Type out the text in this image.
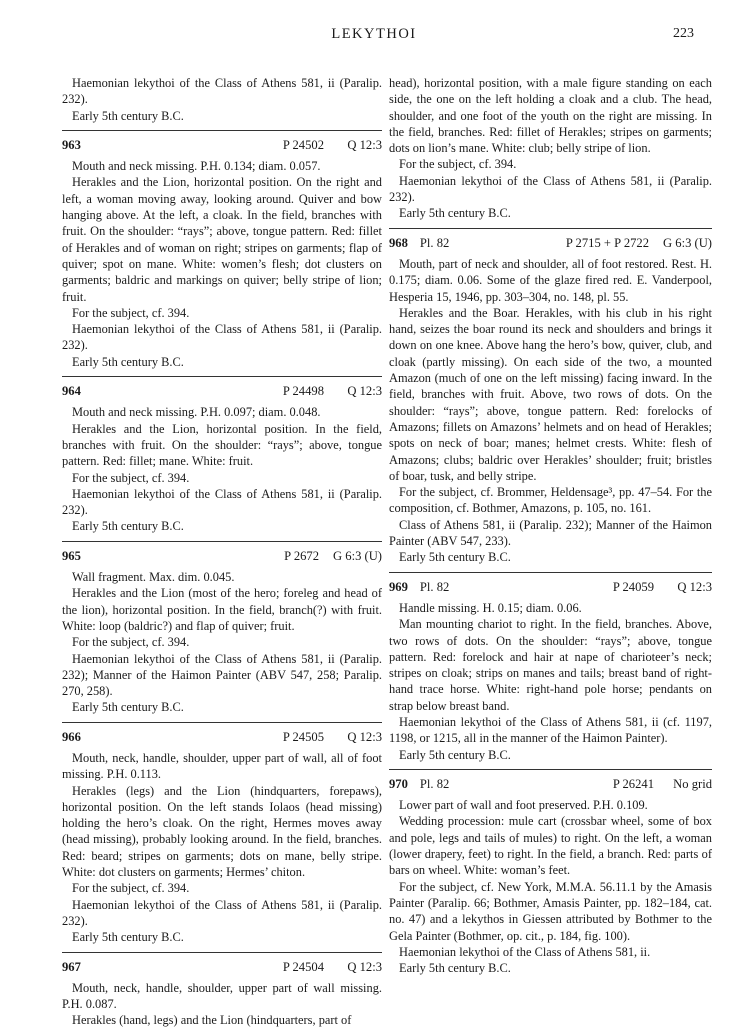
LEKYTHOI	223

Haemonian lekythoi of the Class of Athens 581, ii (Paralip. 232).

Early 5th century B.C.

963	P 24502	Q 12:3

Mouth and neck missing. P.H. 0.134; diam. 0.057.

Herakles and the Lion, horizontal position. On the right and left, a woman moving away, looking around. Quiver and bow hanging above. At the left, a cloak. In the field, branches with fruit. On the shoulder: “rays”; above, tongue pattern. Red: fillet of Herakles and of woman on right; stripes on garments; flap of quiver; spot on mane. White: women’s flesh; dot clusters on garments; baldric and markings on quiver; belly stripe of lion; fruit.

For the subject, cf. 394.

Haemonian lekythoi of the Class of Athens 581, ii (Paralip. 232).

Early 5th century B.C.

964	P 24498	Q 12:3

Mouth and neck missing. P.H. 0.097; diam. 0.048.

Herakles and the Lion, horizontal position. In the field, branches with fruit. On the shoulder: “rays”; above, tongue pattern. Red: fillet; mane. White: fruit.

For the subject, cf. 394.

Haemonian lekythoi of the Class of Athens 581, ii (Paralip. 232).

Early 5th century B.C.

965	P 2672 G 6:3 (U)

Wall fragment. Max. dim. 0.045.

Herakles and the Lion (most of the hero; foreleg and head of the lion), horizontal position. In the field, branch(?) with fruit. White: loop (baldric?) and flap of quiver; fruit.

For the subject, cf. 394.

Haemonian lekythoi of the Class of Athens 581, ii (Paralip. 232); Manner of the Haimon Painter (ABV 547, 258; Paralip. 270, 258).

Early 5th century B.C.

966	P 24505	Q 12:3

Mouth, neck, handle, shoulder, upper part of wall, all of foot missing. P.H. 0.113.

Herakles (legs) and the Lion (hindquarters, forepaws), horizontal position. On the left stands Iolaos (head missing) holding the hero’s cloak. On the right, Hermes moves away (head missing), probably looking around. In the field, branches. Red: beard; stripes on garments; dots on mane, belly stripe. White: dot clusters on garments; Hermes’ chiton.

For the subject, cf. 394.

Haemonian lekythoi of the Class of Athens 581, ii (Paralip. 232).

Early 5th century B.C.

967	P 24504	Q 12:3

Mouth, neck, handle, shoulder, upper part of wall missing. P.H. 0.087.

Herakles (hand, legs) and the Lion (hindquarters, part of

head), horizontal position, with a male figure standing on each side, the one on the left holding a cloak and a club. The head, shoulder, and one foot of the youth on the right are missing. In the field, branches. Red: fillet of Herakles; stripes on garments; dots on lion’s mane. White: club; belly stripe of lion.

For the subject, cf. 394.

Haemonian lekythoi of the Class of Athens 581, ii (Paralip. 232).

Early 5th century B.C.

968 Pl. 82	P 2715 + P 2722 G 6:3 (U)

Mouth, part of neck and shoulder, all of foot restored. Rest. H. 0.175; diam. 0.06. Some of the glaze fired red. E. Vanderpool, Hesperia 15, 1946, pp. 303–304, no. 148, pl. 55.

Herakles and the Boar. Herakles, with his club in his right hand, seizes the boar round its neck and shoulders and brings it down on one knee. Above hang the hero’s bow, quiver, club, and cloak (partly missing). On each side of the two, a mounted Amazon (much of one on the left missing) facing inward. In the field, branches with fruit. Above, two rows of dots. On the shoulder: “rays”; above, tongue pattern. Red: forelocks of Amazons; fillets on Amazons’ helmets and on head of Herakles; spots on neck of boar; manes; helmet crests. White: flesh of Amazons; clubs; baldric over Herakles’ shoulder; fruit; bristles of boar, tusk, and belly stripe.

For the subject, cf. Brommer, Heldensage³, pp. 47–54. For the composition, cf. Bothmer, Amazons, p. 105, no. 161.

Class of Athens 581, ii (Paralip. 232); Manner of the Haimon Painter (ABV 547, 233).

Early 5th century B.C.

969 Pl. 82	P 24059	Q 12:3

Handle missing. H. 0.15; diam. 0.06.

Man mounting chariot to right. In the field, branches. Above, two rows of dots. On the shoulder: “rays”; above, tongue pattern. Red: forelock and hair at nape of charioteer’s neck; stripes on cloak; strips on manes and tails; breast band of right-hand trace horse. White: right-hand pole horse; pendants on strap below breast band.

Haemonian lekythoi of the Class of Athens 581, ii (cf. 1197, 1198, or 1215, all in the manner of the Haimon Painter).

Early 5th century B.C.

970 Pl. 82	P 26241	No grid

Lower part of wall and foot preserved. P.H. 0.109.

Wedding procession: mule cart (crossbar wheel, some of box and pole, legs and tails of mules) to right. On the left, a woman (lower drapery, feet) to right. In the field, a branch. Red: parts of bars on wheel. White: woman’s feet.

For the subject, cf. New York, M.M.A. 56.11.1 by the Amasis Painter (Paralip. 66; Bothmer, Amasis Painter, pp. 182–184, cat. no. 47) and a lekythos in Giessen attributed by Bothmer to the Gela Painter (Bothmer, op. cit., p. 184, fig. 100).

Haemonian lekythoi of the Class of Athens 581, ii.

Early 5th century B.C.
